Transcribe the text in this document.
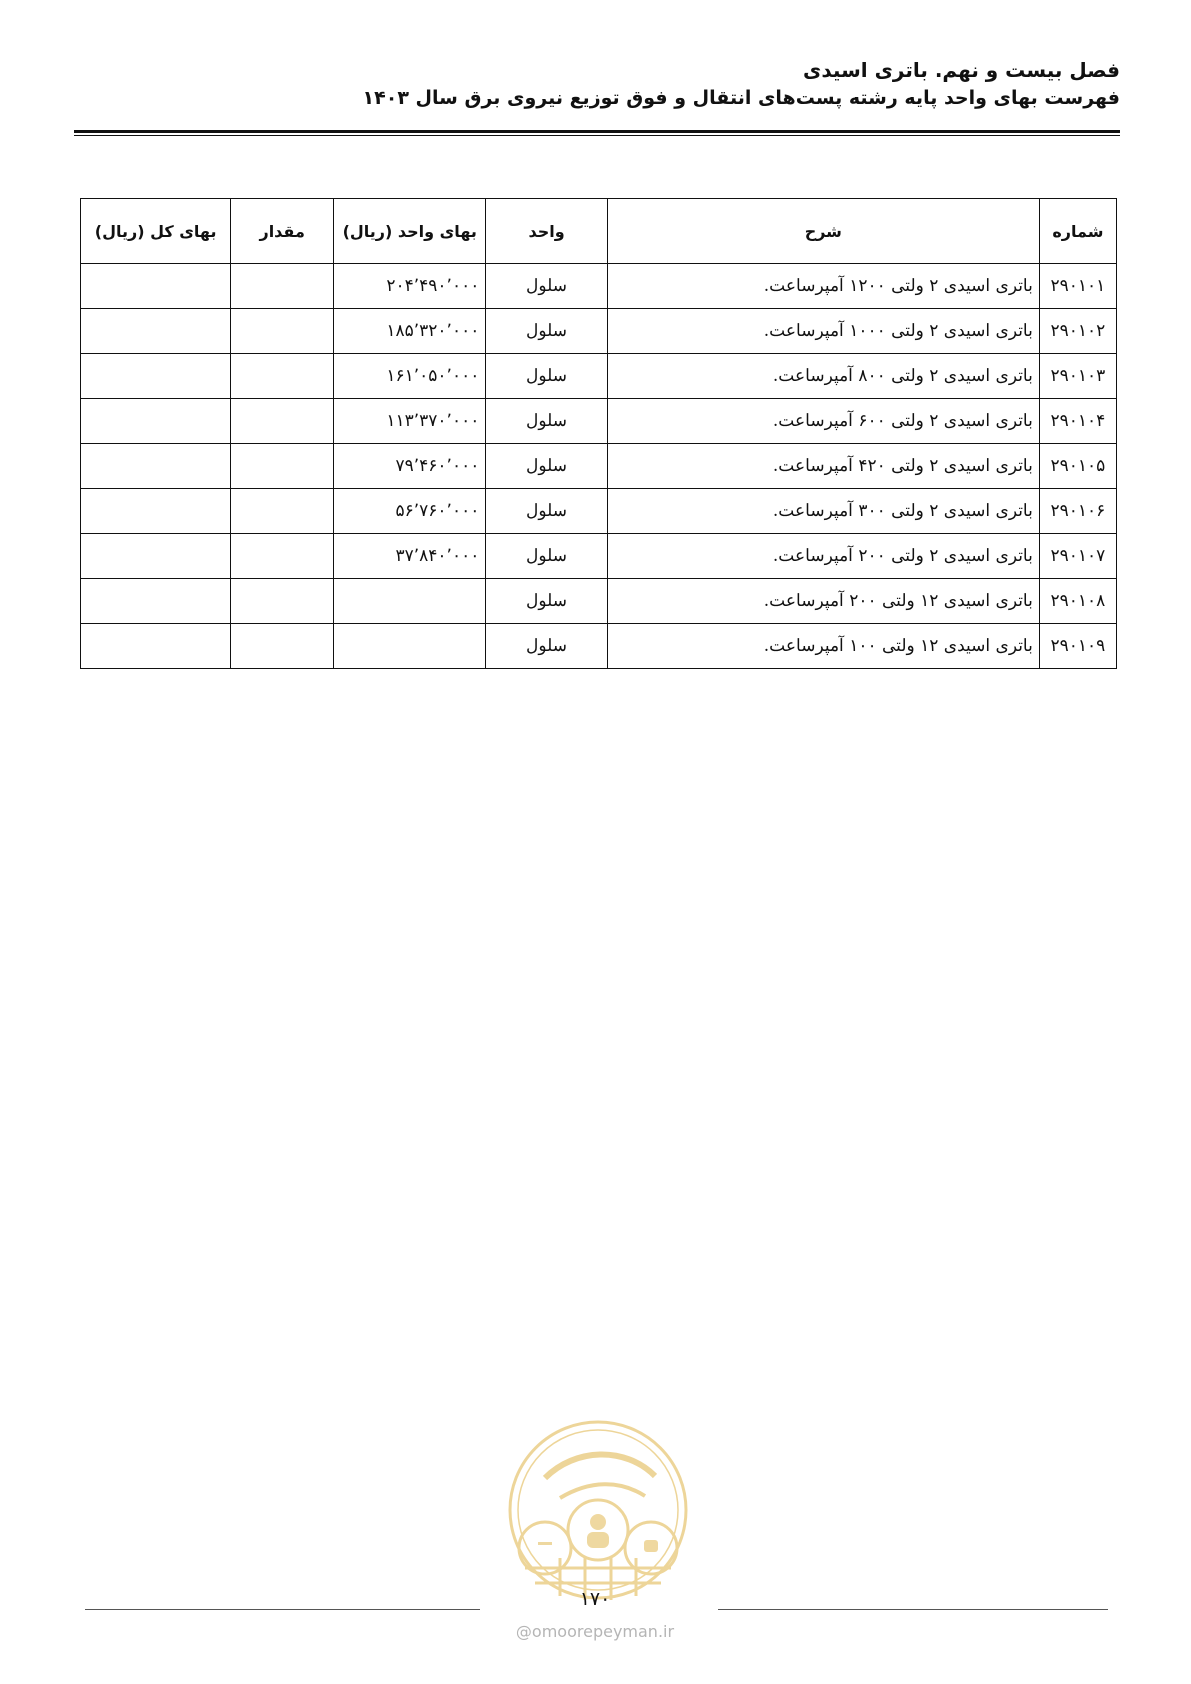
فصل بیست و نهم. باتری اسیدی
فهرست بهای واحد پایه رشته پست‌های انتقال و فوق توزیع نیروی برق سال ۱۴۰۳
شماره	شرح	واحد	بهای واحد (ریال)	مقدار	بهای کل (ریال)
۲۹۰۱۰۱	باتری اسیدی ۲ ولتی ۱۲۰۰ آمپرساعت.	سلول	۲۰۴٬۴۹۰٬۰۰۰		
۲۹۰۱۰۲	باتری اسیدی ۲ ولتی ۱۰۰۰ آمپرساعت.	سلول	۱۸۵٬۳۲۰٬۰۰۰		
۲۹۰۱۰۳	باتری اسیدی ۲ ولتی ۸۰۰ آمپرساعت.	سلول	۱۶۱٬۰۵۰٬۰۰۰		
۲۹۰۱۰۴	باتری اسیدی ۲ ولتی ۶۰۰ آمپرساعت.	سلول	۱۱۳٬۳۷۰٬۰۰۰		
۲۹۰۱۰۵	باتری اسیدی ۲ ولتی ۴۲۰ آمپرساعت.	سلول	۷۹٬۴۶۰٬۰۰۰		
۲۹۰۱۰۶	باتری اسیدی ۲ ولتی ۳۰۰ آمپرساعت.	سلول	۵۶٬۷۶۰٬۰۰۰		
۲۹۰۱۰۷	باتری اسیدی ۲ ولتی ۲۰۰ آمپرساعت.	سلول	۳۷٬۸۴۰٬۰۰۰		
۲۹۰۱۰۸	باتری اسیدی ۱۲ ولتی ۲۰۰ آمپرساعت.	سلول			
۲۹۰۱۰۹	باتری اسیدی ۱۲ ولتی ۱۰۰ آمپرساعت.	سلول			
۱۷۰
@omoorepeyman.ir
